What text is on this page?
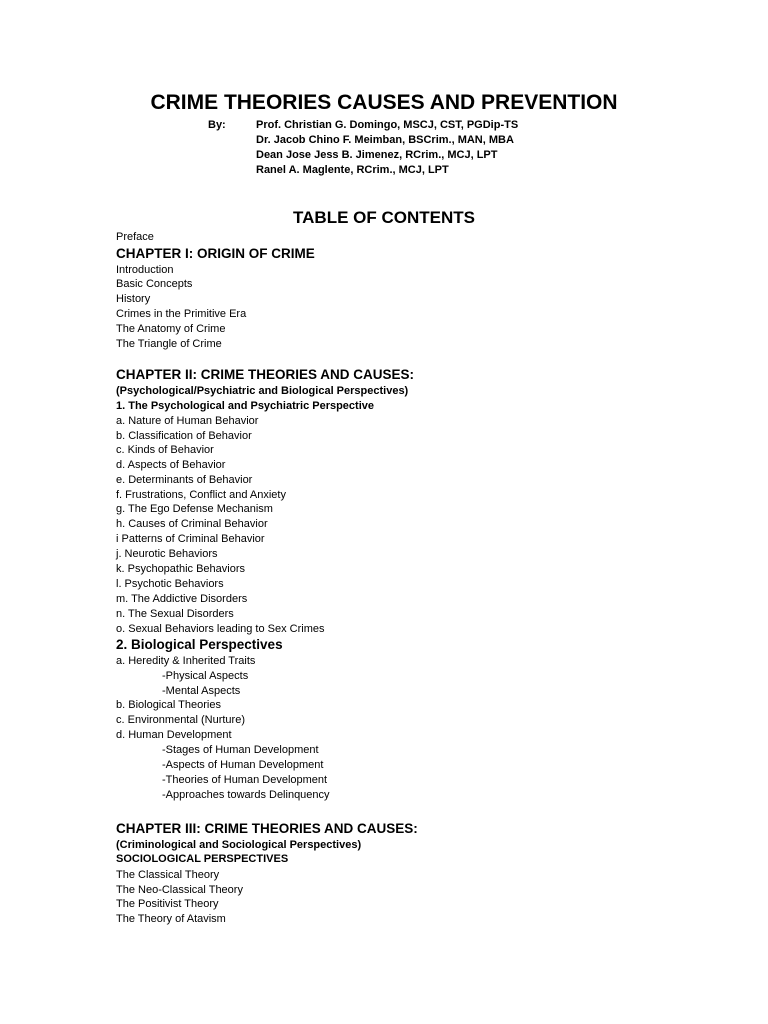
CRIME THEORIES CAUSES AND PREVENTION
By:	Prof. Christian G. Domingo, MSCJ, CST, PGDip-TS
Dr. Jacob Chino F. Meimban, BSCrim., MAN, MBA
Dean Jose Jess B. Jimenez, RCrim., MCJ, LPT
Ranel A. Maglente, RCrim., MCJ, LPT
TABLE OF CONTENTS
Preface
CHAPTER I: ORIGIN OF CRIME
Introduction
Basic Concepts
History
Crimes in the Primitive Era
The Anatomy of Crime
The Triangle of Crime
CHAPTER II: CRIME THEORIES AND CAUSES:
(Psychological/Psychiatric and Biological Perspectives)
1. The Psychological and Psychiatric Perspective
a. Nature of Human Behavior
b. Classification of Behavior
c. Kinds of Behavior
d. Aspects of Behavior
e. Determinants of Behavior
f. Frustrations, Conflict and Anxiety
g. The Ego Defense Mechanism
h. Causes of Criminal Behavior
i Patterns of Criminal Behavior
j. Neurotic Behaviors
k. Psychopathic Behaviors
l. Psychotic Behaviors
m. The Addictive Disorders
n. The Sexual Disorders
o. Sexual Behaviors leading to Sex Crimes
2. Biological Perspectives
a. Heredity & Inherited Traits
-Physical Aspects
-Mental Aspects
b. Biological Theories
c. Environmental (Nurture)
d. Human Development
-Stages of Human Development
-Aspects of Human Development
-Theories of Human Development
-Approaches towards Delinquency
CHAPTER III: CRIME THEORIES AND CAUSES:
(Criminological and Sociological Perspectives)
SOCIOLOGICAL PERSPECTIVES
The Classical Theory
The Neo-Classical Theory
The Positivist Theory
The Theory of Atavism
